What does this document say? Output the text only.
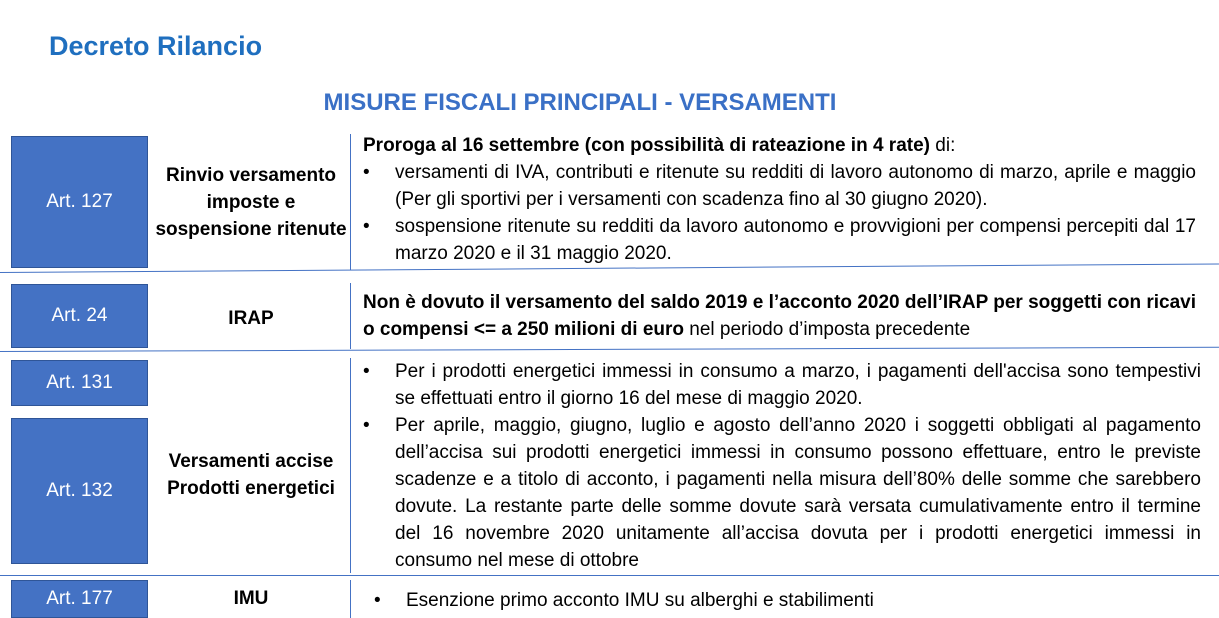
Decreto Rilancio
MISURE FISCALI PRINCIPALI - VERSAMENTI
Art. 127
Rinvio versamento imposte e sospensione ritenute

Proroga al 16 settembre (con possibilità di rateazione in 4 rate) di:

• versamenti di IVA, contributi e ritenute su redditi di lavoro autonomo di marzo, aprile e maggio (Per gli sportivi per i versamenti con scadenza fino al 30 giugno 2020).
• sospensione ritenute su redditi da lavoro autonomo e provvigioni per compensi percepiti dal 17 marzo 2020 e il 31 maggio 2020.
Art. 24	IRAP

Non è dovuto il versamento del saldo 2019 e l’acconto 2020 dell’IRAP per soggetti con ricavi o compensi <= a 250 milioni di euro nel periodo d’imposta precedente

Art. 131
Art. 132
Versamenti accise Prodotti energetici
• Per i prodotti energetici immessi in consumo a marzo, i pagamenti dell'accisa sono tempestivi se effettuati entro il giorno 16 del mese di maggio 2020.
• Per aprile, maggio, giugno, luglio e agosto dell’anno 2020 i soggetti obbligati al pagamento dell’accisa sui prodotti energetici immessi in consumo possono effettuare, entro le previste scadenze e a titolo di acconto, i pagamenti nella misura dell’80% delle somme che sarebbero dovute. La restante parte delle somme dovute sarà versata cumulativamente entro il termine del 16 novembre 2020 unitamente all’accisa dovuta per i prodotti energetici immessi in consumo nel mese di ottobre
Art. 177	IMU
•	Esenzione primo acconto IMU su alberghi e stabilimenti
